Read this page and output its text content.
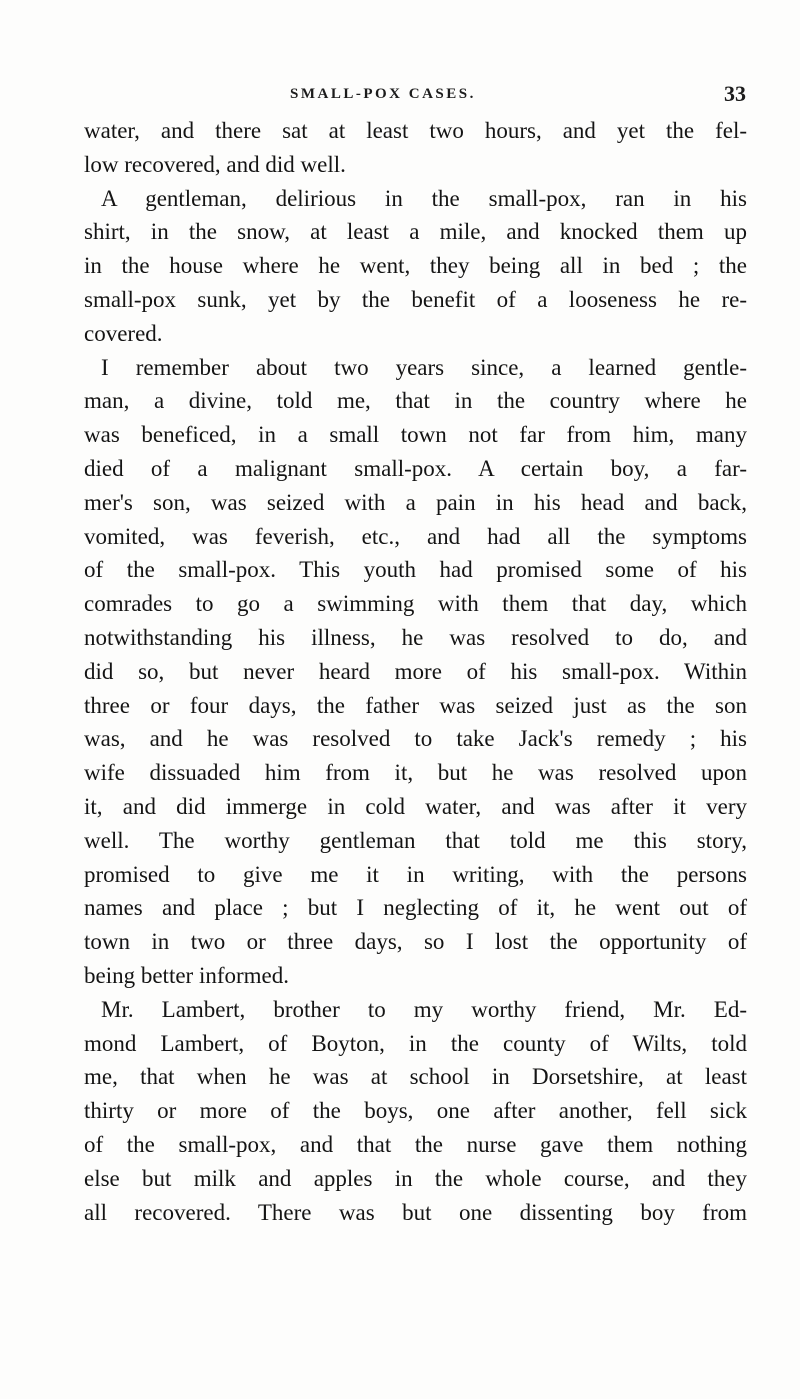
SMALL-POX CASES.	33
water, and there sat at least two hours, and yet the fel-
low recovered, and did well.
A gentleman, delirious in the small-pox, ran in his
shirt, in the snow, at least a mile, and knocked them up
in the house where he went, they being all in bed ; the
small-pox sunk, yet by the benefit of a looseness he re-
covered.
I remember about two years since, a learned gentle-
man, a divine, told me, that in the country where he
was beneficed, in a small town not far from him, many
died of a malignant small-pox. A certain boy, a far-
mer's son, was seized with a pain in his head and back,
vomited, was feverish, etc., and had all the symptoms
of the small-pox. This youth had promised some of his
comrades to go a swimming with them that day, which
notwithstanding his illness, he was resolved to do, and
did so, but never heard more of his small-pox. Within
three or four days, the father was seized just as the son
was, and he was resolved to take Jack's remedy ; his
wife dissuaded him from it, but he was resolved upon
it, and did immerge in cold water, and was after it very
well. The worthy gentleman that told me this story,
promised to give me it in writing, with the persons
names and place ; but I neglecting of it, he went out of
town in two or three days, so I lost the opportunity of
being better informed.
Mr. Lambert, brother to my worthy friend, Mr. Ed-
mond Lambert, of Boyton, in the county of Wilts, told
me, that when he was at school in Dorsetshire, at least
thirty or more of the boys, one after another, fell sick
of the small-pox, and that the nurse gave them nothing
else but milk and apples in the whole course, and they
all recovered. There was but one dissenting boy from
